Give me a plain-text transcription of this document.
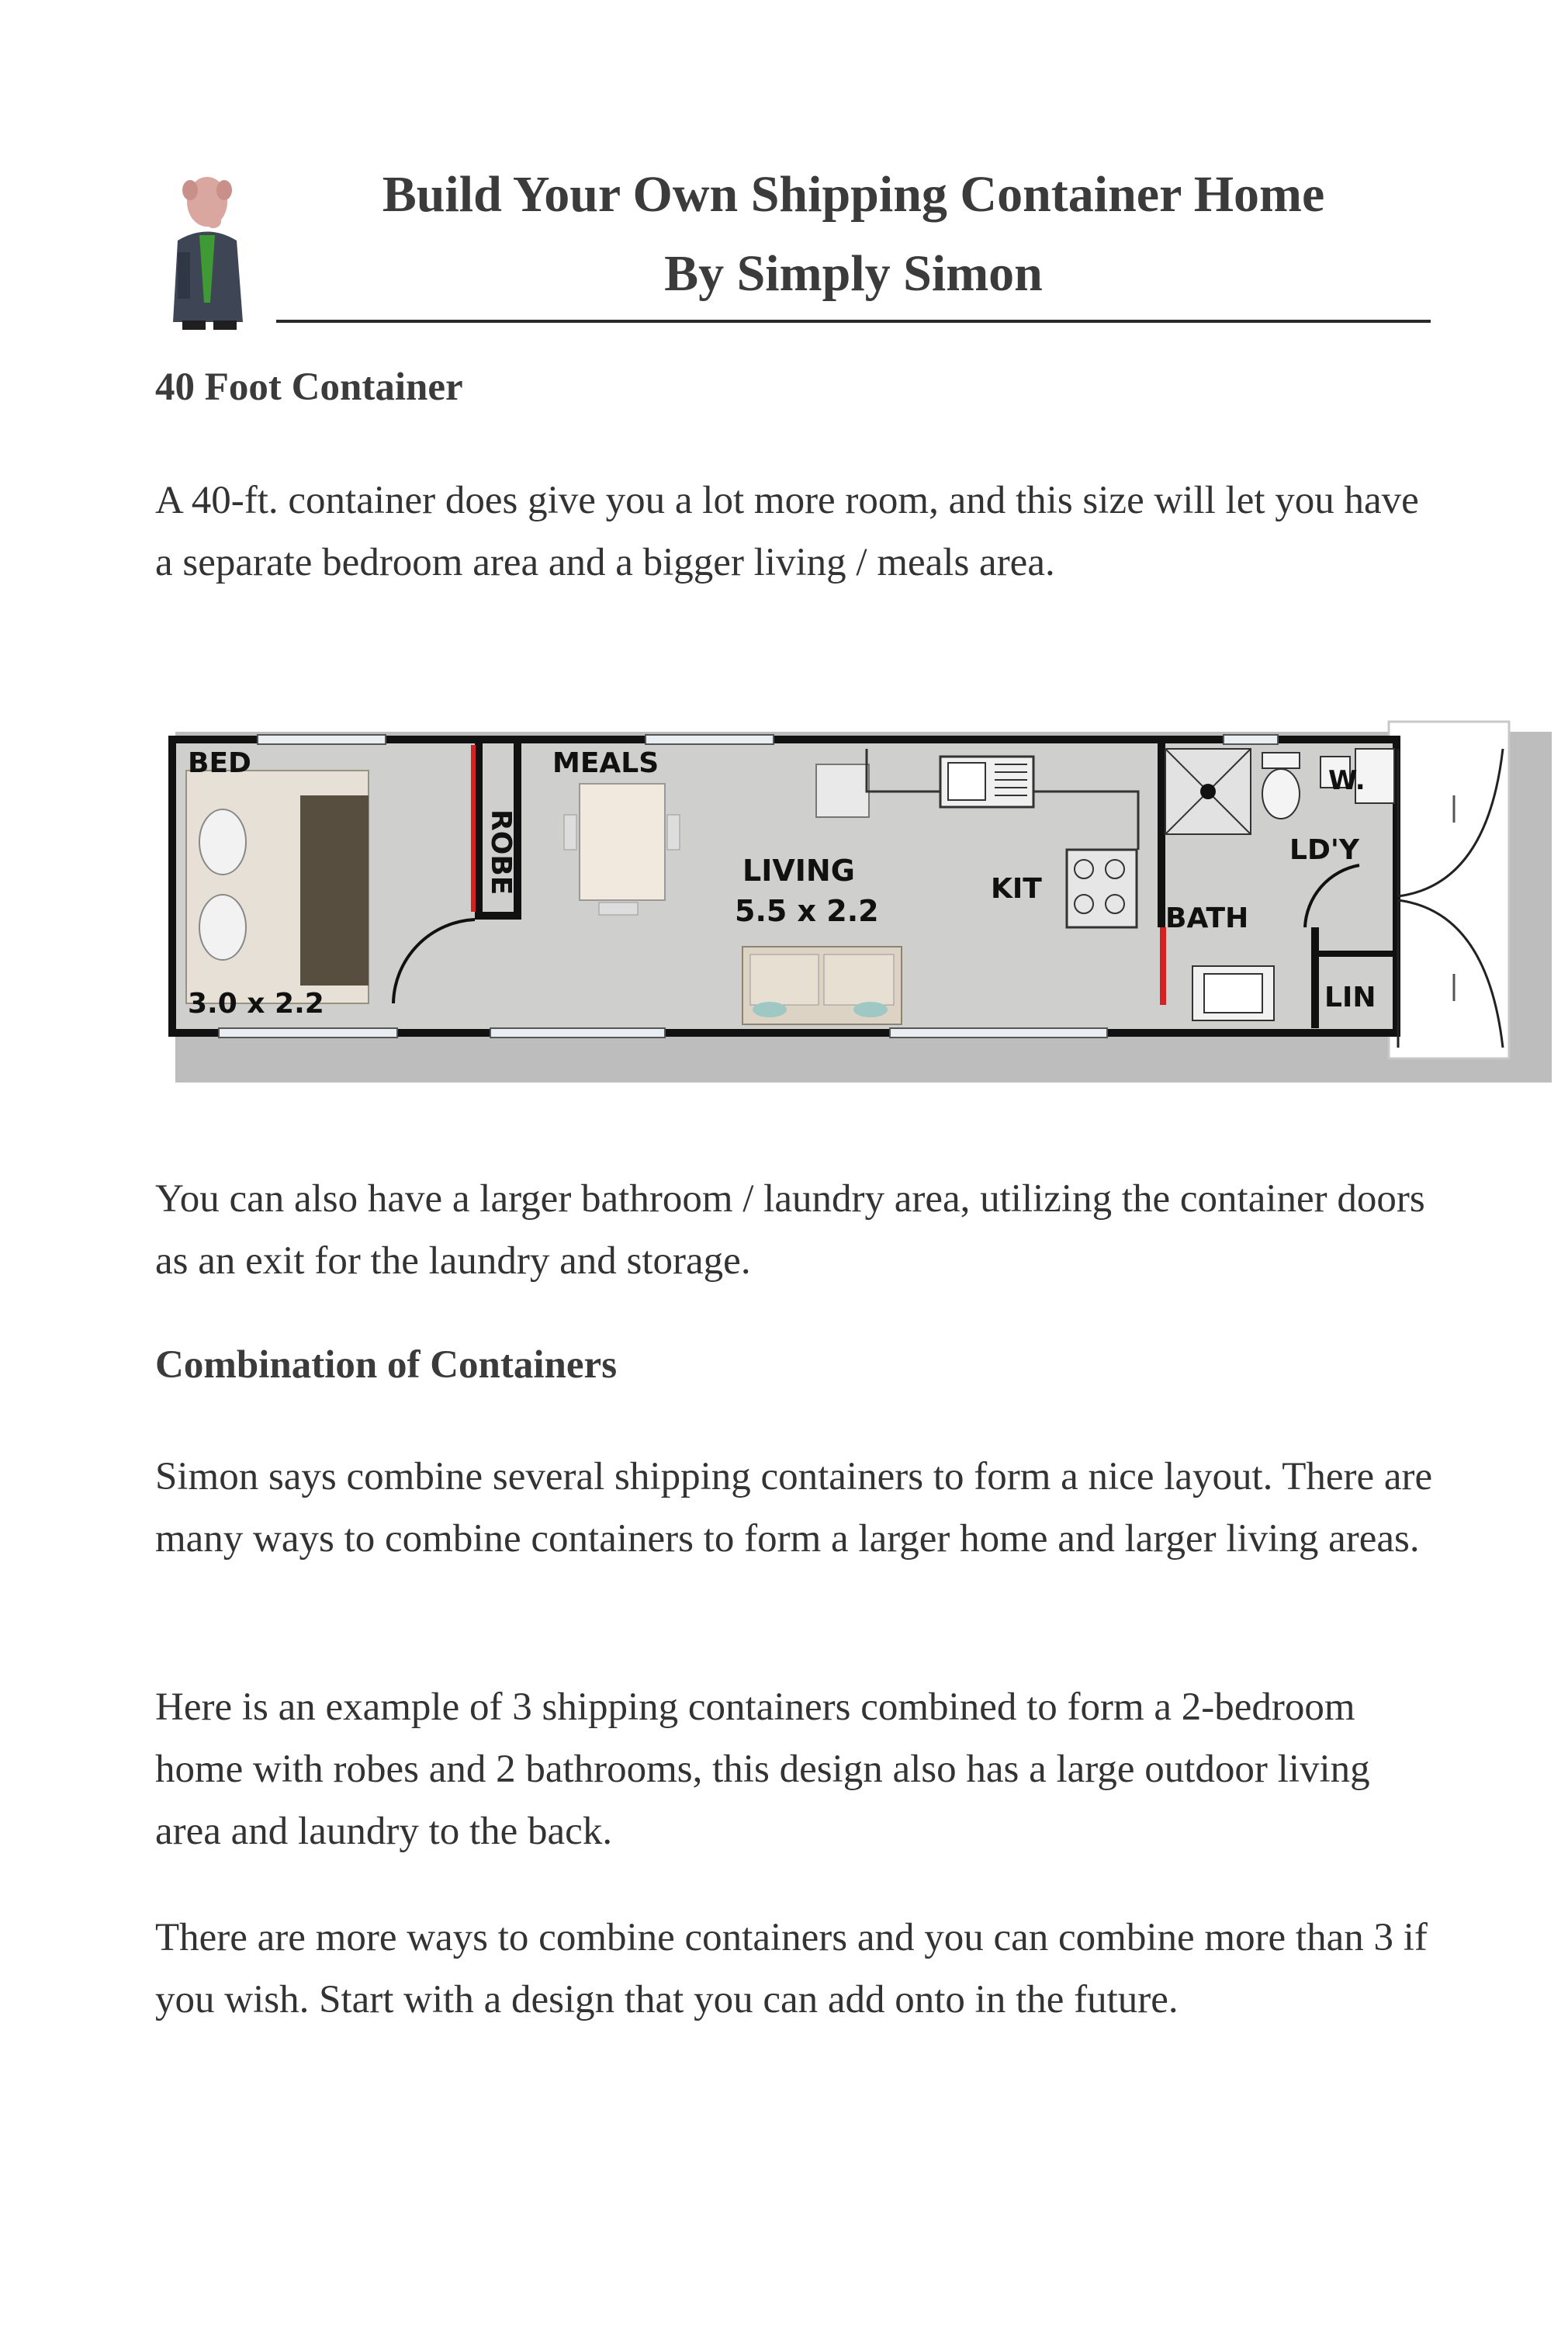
Build Your Own Shipping Container Home
By Simply Simon
40 Foot Container
A 40-ft. container does give you a lot more room, and this size will let you have a separate bedroom area and a bigger living / meals area.
BED
3.0 x 2.2
ROBE
MEALS
LIVING
5.5 x 2.2
KIT
BATH
LD'Y
W.
LIN
You can also have a larger bathroom / laundry area, utilizing the container doors as an exit for the laundry and storage.
Combination of Containers
Simon says combine several shipping containers to form a nice layout. There are many ways to combine containers to form a larger home and larger living areas.
Here is an example of 3 shipping containers combined to form a 2-bedroom home with robes and 2 bathrooms, this design also has a large outdoor living area and laundry to the back.
There are more ways to combine containers and you can combine more than 3 if you wish. Start with a design that you can add onto in the future.
